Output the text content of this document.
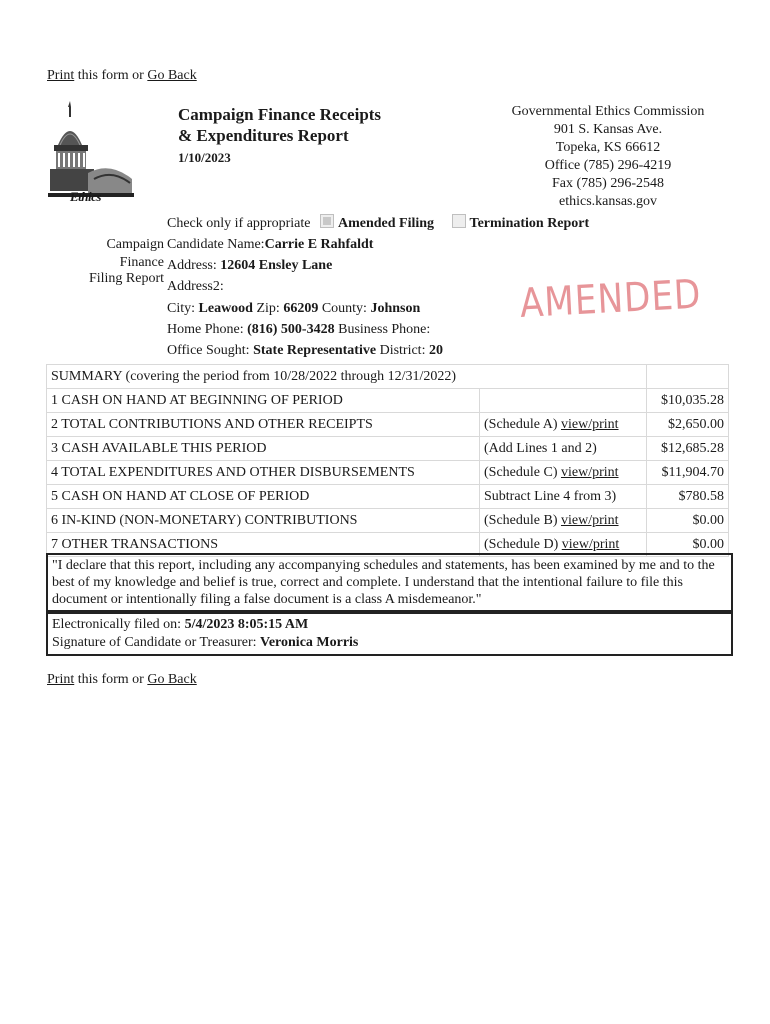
Print this form or Go Back
Ethics
Campaign Finance Receipts
& Expenditures Report
1/10/2023
Governmental Ethics Commission
901 S. Kansas Ave.
Topeka, KS 66612
Office (785) 296-4219
Fax (785) 296-2548
ethics.kansas.gov
Check only if appropriate Amended Filing	Termination Report
Campaign
Finance
Filing Report
Candidate Name:Carrie E Rahfaldt
Address: 12604 Ensley Lane
Address2:
City: Leawood Zip: 66209 County: Johnson
Home Phone: (816) 500-3428 Business Phone:
Office Sought: State Representative District: 20
AMENDED
SUMMARY (covering the period from 10/28/2022 through 12/31/2022)		
1 CASH ON HAND AT BEGINNING OF PERIOD		$10,035.28
2 TOTAL CONTRIBUTIONS AND OTHER RECEIPTS	(Schedule A) view/print	$2,650.00
3 CASH AVAILABLE THIS PERIOD	(Add Lines 1 and 2)	$12,685.28
4 TOTAL EXPENDITURES AND OTHER DISBURSEMENTS	(Schedule C) view/print	$11,904.70
5 CASH ON HAND AT CLOSE OF PERIOD	Subtract Line 4 from 3)	$780.58
6 IN-KIND (NON-MONETARY) CONTRIBUTIONS	(Schedule B) view/print	$0.00
7 OTHER TRANSACTIONS	(Schedule D) view/print	$0.00
"I declare that this report, including any accompanying schedules and statements, has been examined by me and to the best of my knowledge and belief is true, correct and complete. I understand that the intentional failure to file this document or intentionally filing a false document is a class A misdemeanor."
Electronically filed on: 5/4/2023 8:05:15 AM
Signature of Candidate or Treasurer: Veronica Morris
Print this form or Go Back
